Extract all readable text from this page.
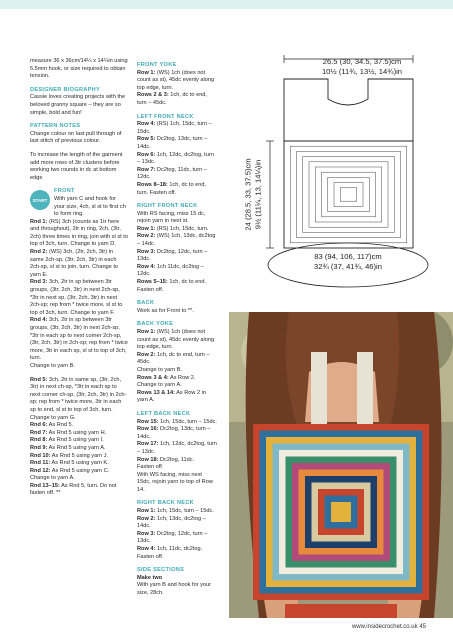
measure 36 x 36cm/14¼ x 14¼in using 5.5mm hook, or size required to obtain tension.

DESIGNER BIOGRAPHY

Cassie loves creating projects with the beloved granny square – they are so simple, bold and fun!

PATTERN NOTES

Change colour on last pull through of last stitch of previous colour.

To increase the length of the garment add more rows of 3tr clusters before working two rounds in dc at bottom edge

START

FRONT

With yarn C and hook for your size, 4ch, sl st to first ch to form ring.

Rnd 1: (RS) 3ch (counts as 1tr here and throughout), 2tr in ring, 2ch, (3tr, 2ch) three times in ring, join with sl st to top of 3ch, turn. Change to yarn D.

Rnd 2: (WS) 3ch, (2tr, 2ch, 3tr) in same 2ch-sp, (3tr, 2ch, 3tr) in each 2ch-sp, sl st to join, turn. Change to yarn E.

Rnd 3: 3ch, 2tr in sp between 3tr groups, (3tr, 2ch, 3tr) in next 2ch-sp, *3tr in next sp, (3tr, 2ch, 3tr) in next 2ch-sp; rep from * twice more, sl st to top of 3ch, turn. Change to yarn F.

Rnd 4: 3ch, 2tr in sp between 3tr groups, (3tr, 2ch, 3tr) in next 2ch-sp, *3tr in each sp to next corner 2ch-sp, (3tr, 2ch, 3tr) in 2ch-sp; rep from * twice more, 3tr in each sp, sl st to top of 3ch, turn.

Change to yarn B.

Rnd 5: 3ch, 2tr in same sp, (3tr, 2ch, 3tr) in next ch-sp, *3tr in each sp to next corner ch-sp, (3tr, 2ch, 3tr) in 2ch-sp; rep from * twice more, 3tr in each sp to end, sl st to top of 3ch, turn. Change to yarn G.

Rnd 6: As Rnd 5.

Rnd 7: As Rnd 5 using yarn H.

Rnd 8: As Rnd 5 using yarn I.

Rnd 9: As Rnd 5 using yarn A.

Rnd 10: As Rnd 5 using yarn J.

Rnd 11: As Rnd 5 using yarn K.

Rnd 12: As Rnd 5 using yarn C.

Change to yarn A.

Rnd 13–15: As Rnd 5, turn. Do not fasten off. **

FRONT YOKE

Row 1: (WS) 1ch (does not count as st), 45dc evenly along top edge, turn.

Rows 2 & 3: 1ch, dc to end, turn – 45dc.

LEFT FRONT NECK

Row 4: (RS) 1ch, 15dc, turn – 15dc.

Row 5: Dc2tog, 13dc, turn – 14dc.

Row 6: 1ch, 12dc, dc2tog, turn – 13dc.

Row 7: Dc2tog, 11dc, turn – 12dc.

Rows 8–18: 1ch, dc to end, turn. Fasten off.

RIGHT FRONT NECK

With RS facing, miss 15 dc, rejoin yarn in next st.

Row 1: (RS) 1ch, 15dc, turn.

Row 2: (WS) 1ch, 13dc, dc2tog – 14dc.

Row 3: Dc2tog, 12dc, turn – 13dc.

Row 4: 1ch 11dc, dc2tog – 12dc.

Rows 5–15: 1ch, dc to end. Fasten off.

BACK

Work as for Front to **.

BACK YOKE

Row 1: (WS) 1ch (does not count as st), 45dc evenly along top edge, turn.

Row 2: 1ch, dc to end, turn – 45dc.

Change to yarn B.

Rows 3 & 4: As Row 2.

Change to yarn A.

Rows 13 & 14: As Row 2 in yarn A.

LEFT BACK NECK

Row 15: 1ch, 15dc, turn – 15dc.

Row 16: Dc2tog, 13dc, turn – 14dc.

Row 17: 1ch, 12dc, dc2tog, turn – 13dc.

Row 18: Dc2tog, 11dc.

Fasten off.

With WS facing, miss next 15dc, rejoin yarn to top of Row 14.

RIGHT BACK NECK

Row 1: 1ch, 15dc, turn – 15dc.

Row 2: 1ch, 13dc, dc2tog – 14dc.

Row 3: Dc2tog, 12dc, turn – 13dc.

Row 4: 1ch, 11dc, dc2tog.

Fasten off.

SIDE SECTIONS

Make two

With yarn B and hook for your size, 28ch.

26.5 (30, 34.5, 37.5)cm
10½ (11¾, 13½, 14¾)in
24 (28.5, 33, 37.5)cm 9½ (11¼, 13, 14¼)in
83 (94, 106, 117)cm
32¾ (37, 41¾, 46)in
www.insidecrochet.co.uk 45
